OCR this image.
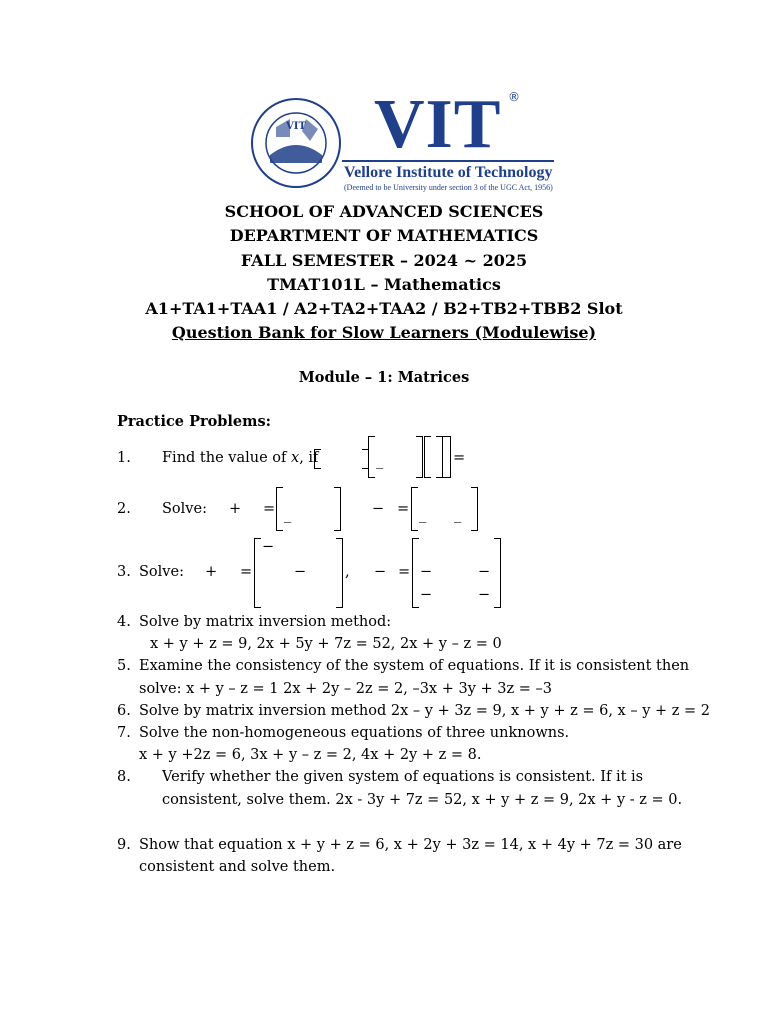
VIT VIT ®
Vellore Institute of Technology
(Deemed to be University under section 3 of the UGC Act, 1956)
SCHOOL OF ADVANCED SCIENCES
DEPARTMENT OF MATHEMATICS
FALL SEMESTER – 2024 ~ 2025
TMAT101L – Mathematics
A1+TA1+TAA1 / A2+TA2+TAA2 / B2+TB2+TBB2 Slot
Question Bank for Slow Learners (Modulewise)
Module – 1: Matrices
Practice Problems:
1. Find the value of x, if	_	=
2. Solve: + = _	− = _ _
3. Solve: + =
−
−	, − = −	−
−	−
4. Solve by matrix inversion method:
x + y + z = 9, 2x + 5y + 7z = 52, 2x + y – z = 0
5. Examine the consistency of the system of equations. If it is consistent then
solve: x + y – z = 1 2x + 2y – 2z = 2, –3x + 3y + 3z = –3
6. Solve by matrix inversion method 2x – y + 3z = 9, x + y + z = 6, x – y + z = 2
7. Solve the non-homogeneous equations of three unknowns.
x + y +2z = 6, 3x + y – z = 2, 4x + 2y + z = 8.
8. Verify whether the given system of equations is consistent. If it is
consistent, solve them. 2x - 3y + 7z = 52, x + y + z = 9, 2x + y - z = 0.
9. Show that equation x + y + z = 6, x + 2y + 3z = 14, x + 4y + 7z = 30 are
consistent and solve them.
